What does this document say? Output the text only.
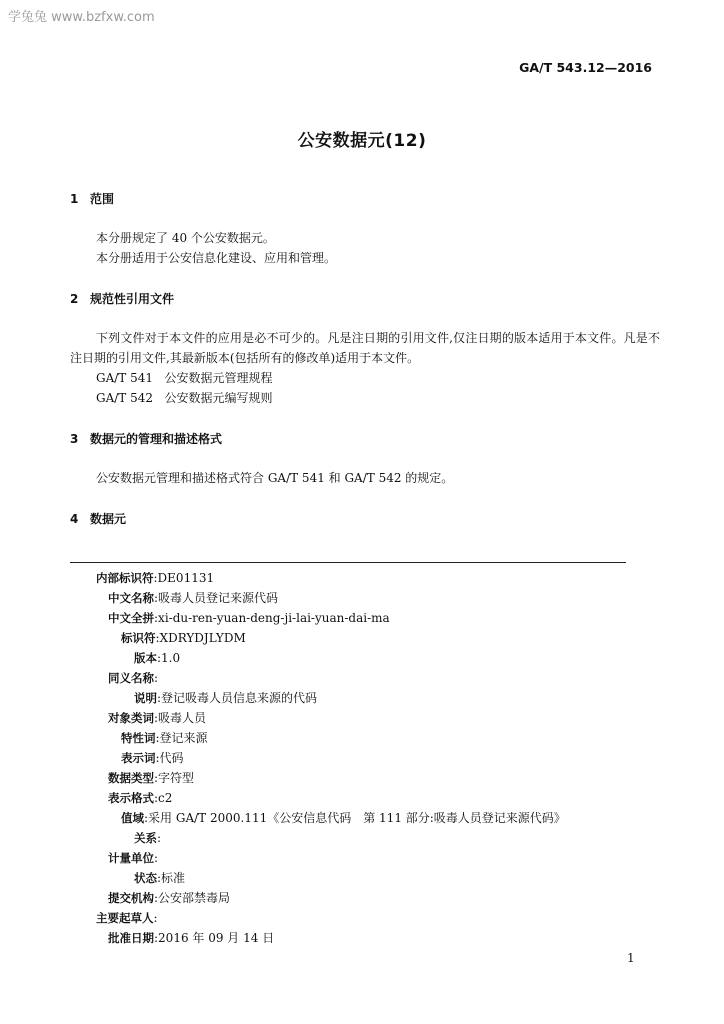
学兔兔 www.bzfxw.com
GA/T 543.12—2016
公安数据元(12)
1 范围
本分册规定了 40 个公安数据元。
本分册适用于公安信息化建设、应用和管理。
2 规范性引用文件
下列文件对于本文件的应用是必不可少的。凡是注日期的引用文件,仅注日期的版本适用于本文件。凡是不注日期的引用文件,其最新版本(包括所有的修改单)适用于本文件。
GA/T 541 公安数据元管理规程
GA/T 542 公安数据元编写规则
3 数据元的管理和描述格式
公安数据元管理和描述格式符合 GA/T 541 和 GA/T 542 的规定。
4 数据元
内部标识符:DE01131
中文名称:吸毒人员登记来源代码
中文全拼:xi-du-ren-yuan-deng-ji-lai-yuan-dai-ma
标识符:XDRYDJLYDM
版本:1.0
同义名称:
说明:登记吸毒人员信息来源的代码
对象类词:吸毒人员
特性词:登记来源
表示词:代码
数据类型:字符型
表示格式:c2
值域:采用 GA/T 2000.111《公安信息代码　第 111 部分:吸毒人员登记来源代码》
关系:
计量单位:
状态:标准
提交机构:公安部禁毒局
主要起草人:
批准日期:2016 年 09 月 14 日
1
